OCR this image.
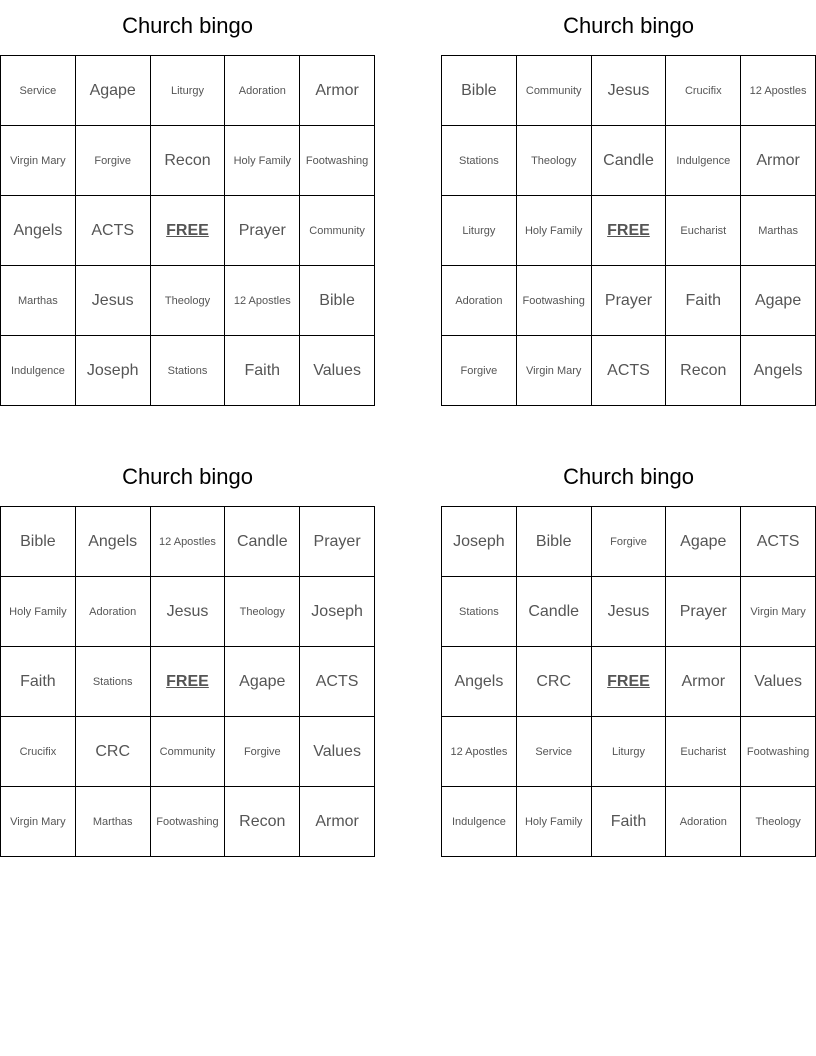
Church bingo
Service	Agape	Liturgy	Adoration	Armor
Virgin Mary	Forgive	Recon	Holy Family	Footwashing
Angels	ACTS	FREE	Prayer	Community
Marthas	Jesus	Theology	12 Apostles	Bible
Indulgence	Joseph	Stations	Faith	Values
Church bingo
Bible	Community	Jesus	Crucifix	12 Apostles
Stations	Theology	Candle	Indulgence	Armor
Liturgy	Holy Family	FREE	Eucharist	Marthas
Adoration	Footwashing	Prayer	Faith	Agape
Forgive	Virgin Mary	ACTS	Recon	Angels
Church bingo
Bible	Angels	12 Apostles	Candle	Prayer
Holy Family	Adoration	Jesus	Theology	Joseph
Faith	Stations	FREE	Agape	ACTS
Crucifix	CRC	Community	Forgive	Values
Virgin Mary	Marthas	Footwashing	Recon	Armor
Church bingo
Joseph	Bible	Forgive	Agape	ACTS
Stations	Candle	Jesus	Prayer	Virgin Mary
Angels	CRC	FREE	Armor	Values
12 Apostles	Service	Liturgy	Eucharist	Footwashing
Indulgence	Holy Family	Faith	Adoration	Theology
